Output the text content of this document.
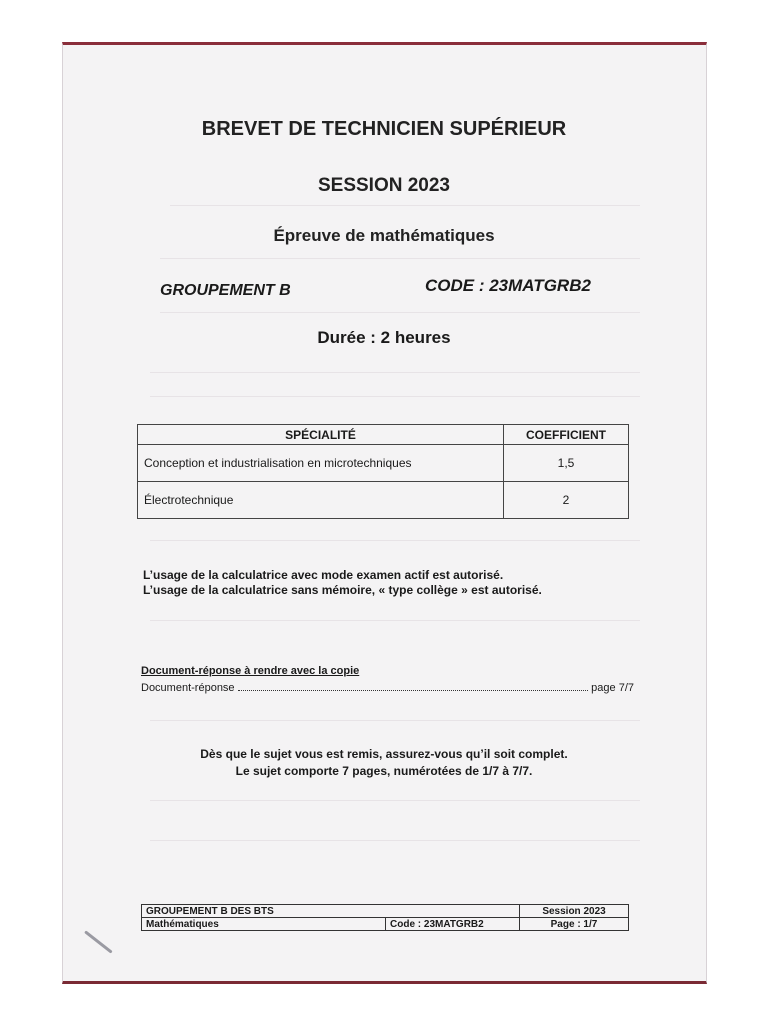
BREVET DE TECHNICIEN SUPÉRIEUR
SESSION 2023
Épreuve de mathématiques
GROUPEMENT B	CODE : 23MATGRB2
Durée : 2 heures
SPÉCIALITÉ	COEFFICIENT
Conception et industrialisation en microtechniques	1,5
Électrotechnique	2
L’usage de la calculatrice avec mode examen actif est autorisé.
L’usage de la calculatrice sans mémoire, « type collège » est autorisé.
Document-réponse à rendre avec la copie
Document-réponse	page 7/7
Dès que le sujet vous est remis, assurez-vous qu’il soit complet.
Le sujet comporte 7 pages, numérotées de 1/7 à 7/7.
GROUPEMENT B DES BTS		Session 2023
Mathématiques	Code : 23MATGRB2	Page : 1/7
